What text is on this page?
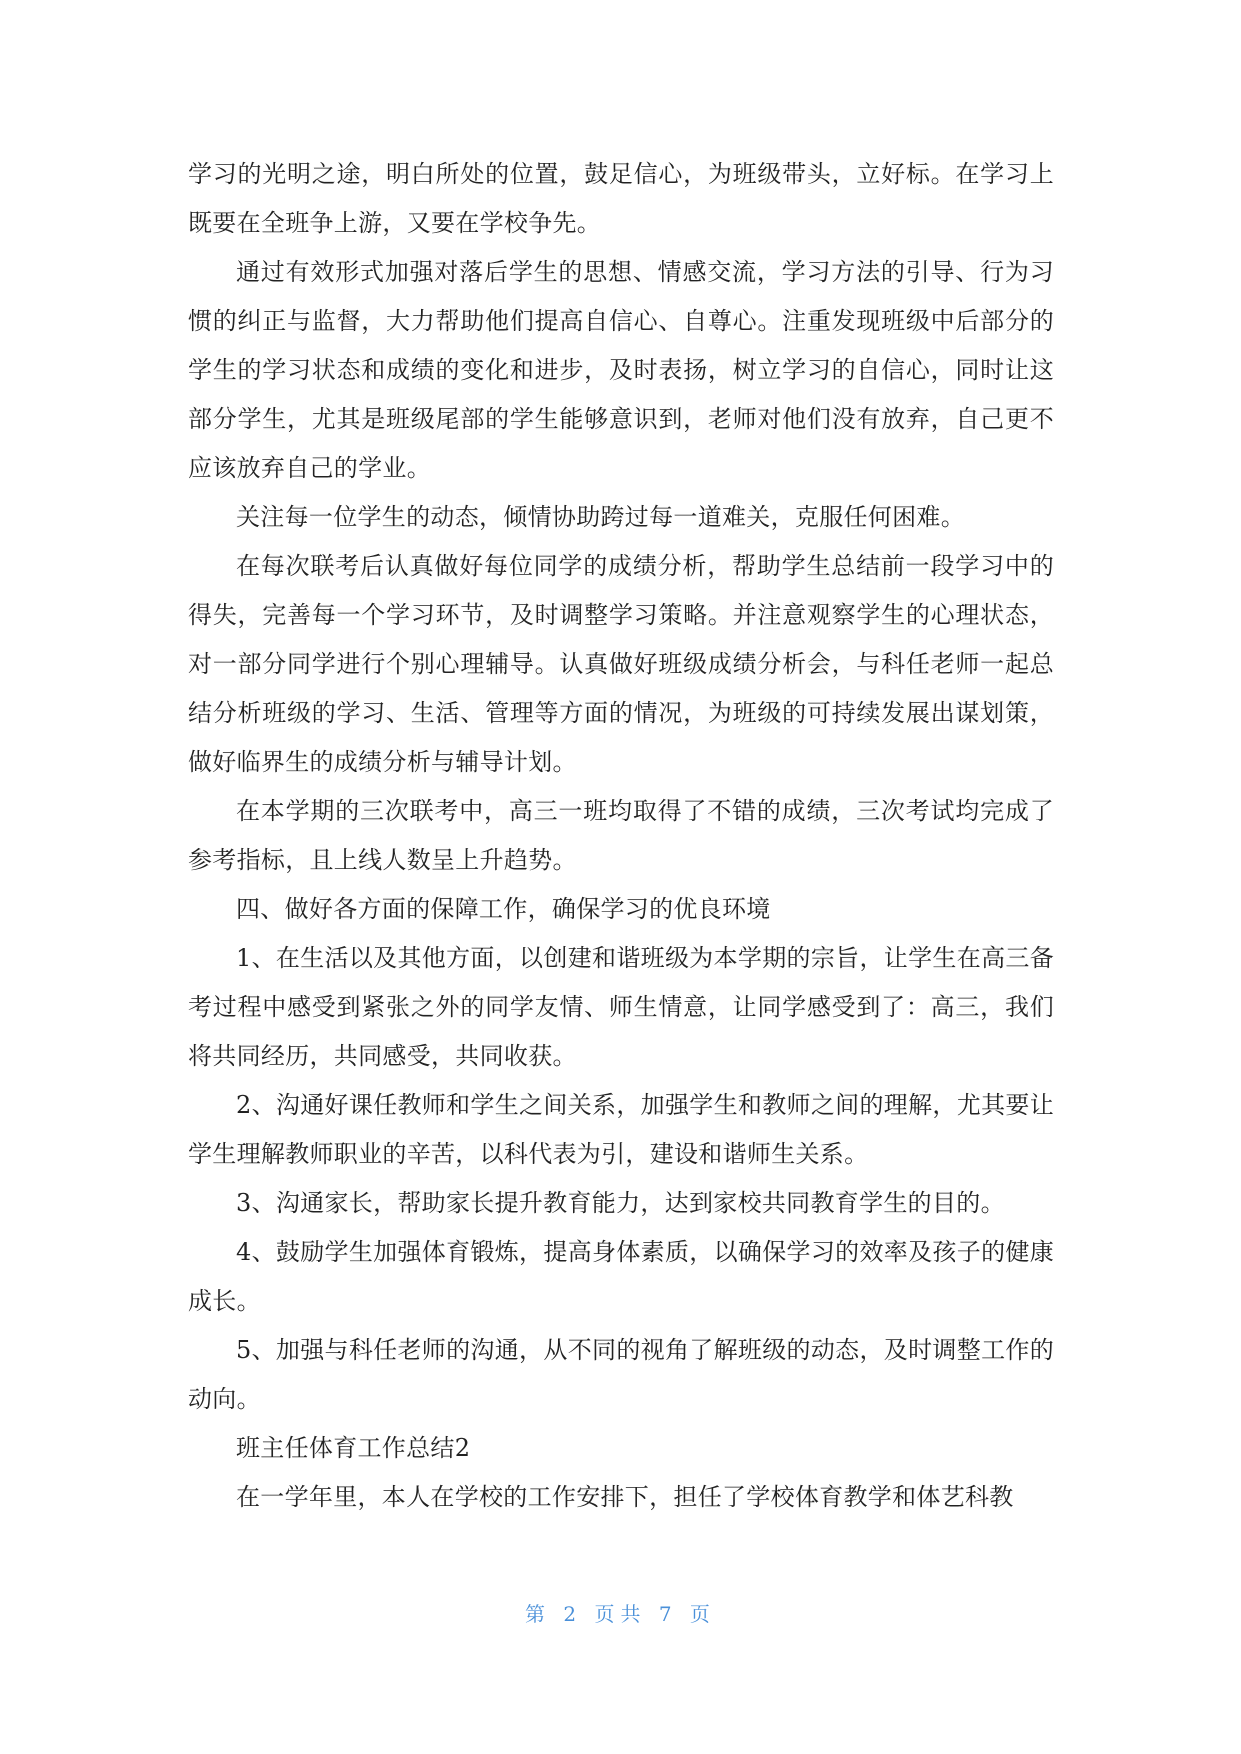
学习的光明之途，明白所处的位置，鼓足信心，为班级带头，立好标。在学习上既要在全班争上游，又要在学校争先。

通过有效形式加强对落后学生的思想、情感交流，学习方法的引导、行为习惯的纠正与监督，大力帮助他们提高自信心、自尊心。注重发现班级中后部分的学生的学习状态和成绩的变化和进步，及时表扬，树立学习的自信心，同时让这部分学生，尤其是班级尾部的学生能够意识到，老师对他们没有放弃，自己更不应该放弃自己的学业。

关注每一位学生的动态，倾情协助跨过每一道难关，克服任何困难。

在每次联考后认真做好每位同学的成绩分析，帮助学生总结前一段学习中的得失，完善每一个学习环节，及时调整学习策略。并注意观察学生的心理状态，对一部分同学进行个别心理辅导。认真做好班级成绩分析会，与科任老师一起总结分析班级的学习、生活、管理等方面的情况，为班级的可持续发展出谋划策，做好临界生的成绩分析与辅导计划。

在本学期的三次联考中，高三一班均取得了不错的成绩，三次考试均完成了参考指标，且上线人数呈上升趋势。

四、做好各方面的保障工作，确保学习的优良环境

1、在生活以及其他方面，以创建和谐班级为本学期的宗旨，让学生在高三备考过程中感受到紧张之外的同学友情、师生情意，让同学感受到了：高三，我们将共同经历，共同感受，共同收获。

2、沟通好课任教师和学生之间关系，加强学生和教师之间的理解，尤其要让学生理解教师职业的辛苦，以科代表为引，建设和谐师生关系。

3、沟通家长，帮助家长提升教育能力，达到家校共同教育学生的目的。

4、鼓励学生加强体育锻炼，提高身体素质，以确保学习的效率及孩子的健康成长。

5、加强与科任老师的沟通，从不同的视角了解班级的动态，及时调整工作的动向。

班主任体育工作总结2

在一学年里，本人在学校的工作安排下，担任了学校体育教学和体艺科教

第 2 页共 7 页
